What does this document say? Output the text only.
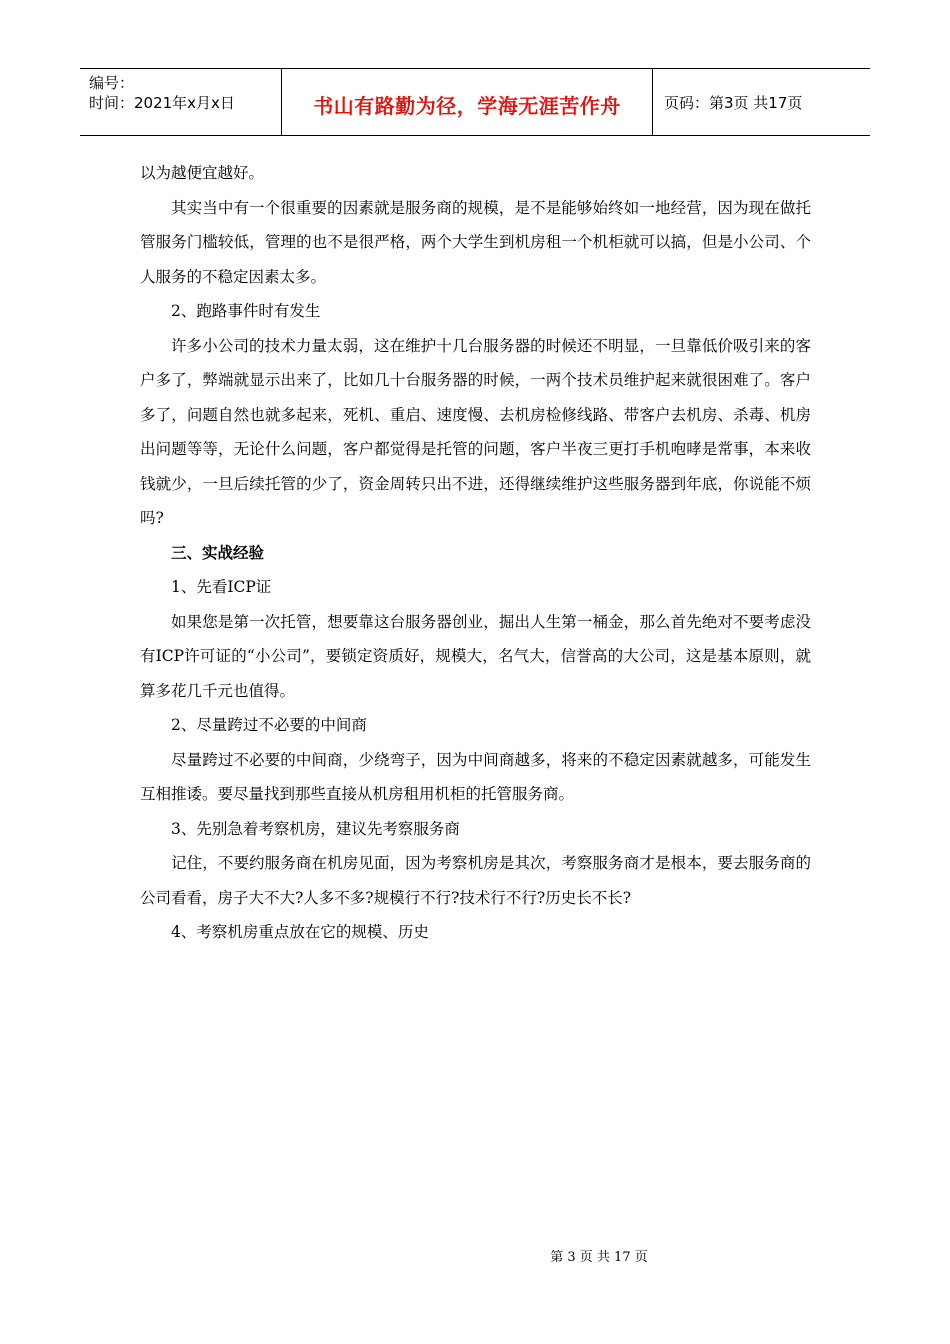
编号：
时间：2021年x月x日	书山有路勤为径，学海无涯苦作舟	页码：第3页 共17页

以为越便宜越好。

其实当中有一个很重要的因素就是服务商的规模，是不是能够始终如一地经营，因为现在做托管服务门槛较低，管理的也不是很严格，两个大学生到机房租一个机柜就可以搞，但是小公司、个人服务的不稳定因素太多。

2、跑路事件时有发生

许多小公司的技术力量太弱，这在维护十几台服务器的时候还不明显，一旦靠低价吸引来的客户多了，弊端就显示出来了，比如几十台服务器的时候，一两个技术员维护起来就很困难了。客户多了，问题自然也就多起来，死机、重启、速度慢、去机房检修线路、带客户去机房、杀毒、机房出问题等等，无论什么问题，客户都觉得是托管的问题，客户半夜三更打手机咆哮是常事，本来收钱就少，一旦后续托管的少了，资金周转只出不进，还得继续维护这些服务器到年底，你说能不烦吗?

三、实战经验

1、先看ICP证

如果您是第一次托管，想要靠这台服务器创业，掘出人生第一桶金，那么首先绝对不要考虑没有ICP许可证的“小公司”，要锁定资质好，规模大，名气大，信誉高的大公司，这是基本原则，就算多花几千元也值得。

2、尽量跨过不必要的中间商

尽量跨过不必要的中间商，少绕弯子，因为中间商越多，将来的不稳定因素就越多，可能发生互相推诿。要尽量找到那些直接从机房租用机柜的托管服务商。

3、先别急着考察机房，建议先考察服务商

记住，不要约服务商在机房见面，因为考察机房是其次，考察服务商才是根本，要去服务商的公司看看，房子大不大?人多不多?规模行不行?技术行不行?历史长不长?

4、考察机房重点放在它的规模、历史

第 3 页 共 17 页
